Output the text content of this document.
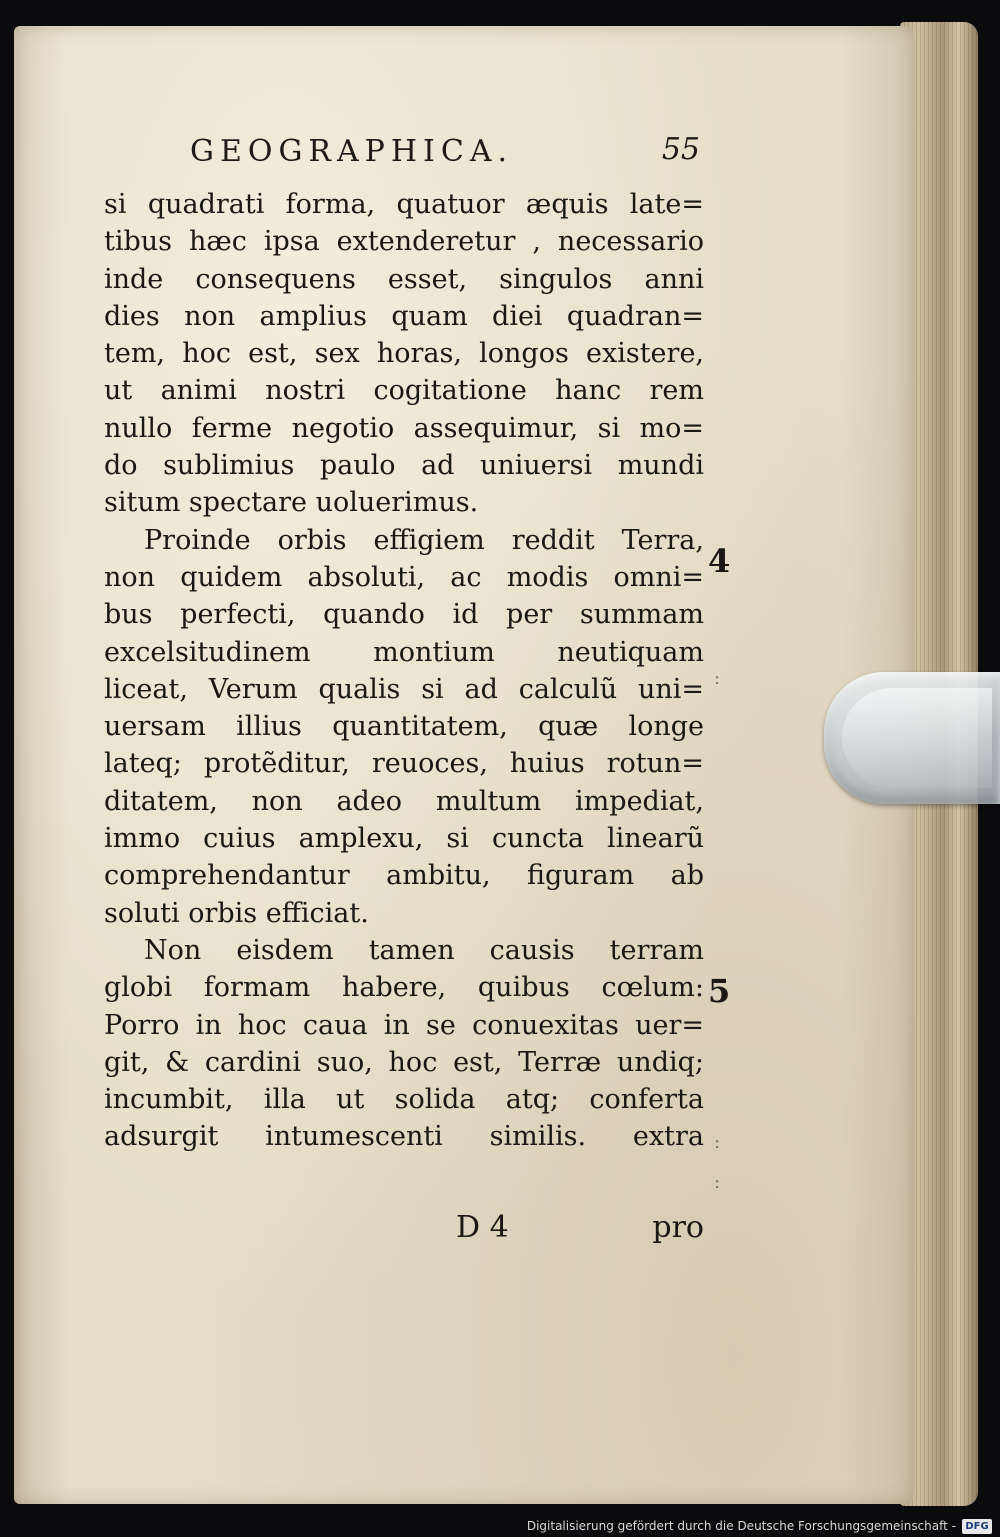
GEOGRAPHICA.	55
si quadrati forma, quatuor æquis late=
tibus hæc ipsa extenderetur , necessario
inde consequens esset, singulos anni
dies non amplius quam diei quadran=
tem, hoc est, sex horas, longos existere,
ut animi nostri cogitatione hanc rem
nullo ferme negotio assequimur, si mo=
do sublimius paulo ad uniuersi mundi
situm spectare uoluerimus.
Proinde orbis effigiem reddit Terra,
non quidem absoluti, ac modis omni=
bus perfecti, quando id per summam
excelsitudinem montium neutiquam
liceat, Verum qualis si ad calculũ uni=
uersam illius quantitatem, quæ longe
lateq; protẽditur, reuoces, huius rotun=
ditatem, non adeo multum impediat,
immo cuius amplexu, si cuncta linearũ
comprehendantur ambitu, figuram ab
soluti orbis efficiat.
Non eisdem tamen causis terram
globi formam habere, quibus cœlum:
Porro in hoc caua in se conuexitas uer=
git, & cardini suo, hoc est, Terræ undiq;
incumbit, illa ut solida atq; conferta
adsurgit intumescenti similis. extra
4
5
:
:
:
D 4	pro
Digitalisierung gefördert durch die Deutsche Forschungsgemeinschaft - DFG
